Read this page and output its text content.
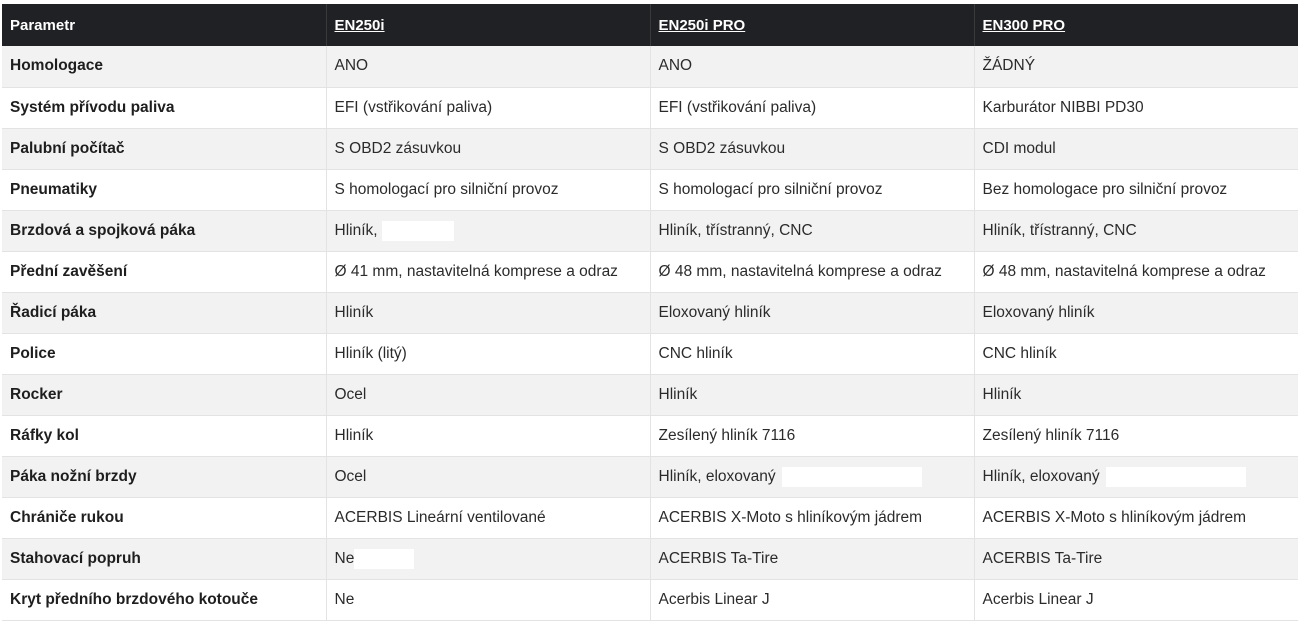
Parametr	EN250i	EN250i PRO	EN300 PRO
Homologace	ANO	ANO	ŽÁDNÝ
Systém přívodu paliva	EFI (vstřikování paliva)	EFI (vstřikování paliva)	Karburátor NIBBI PD30
Palubní počítač	S OBD2 zásuvkou	S OBD2 zásuvkou	CDI modul
Pneumatiky	S homologací pro silniční provoz	S homologací pro silniční provoz	Bez homologace pro silniční provoz
Brzdová a spojková páka	Hliník,	Hliník, třístranný, CNC	Hliník, třístranný, CNC
Přední zavěšení	Ø 41 mm, nastavitelná komprese a odraz	Ø 48 mm, nastavitelná komprese a odraz	Ø 48 mm, nastavitelná komprese a odraz
Řadicí páka	Hliník	Eloxovaný hliník	Eloxovaný hliník
Police	Hliník (litý)	CNC hliník	CNC hliník
Rocker	Ocel	Hliník	Hliník
Ráfky kol	Hliník	Zesílený hliník 7116	Zesílený hliník 7116
Páka nožní brzdy	Ocel	Hliník, eloxovaný	Hliník, eloxovaný
Chrániče rukou	ACERBIS Lineární ventilované	ACERBIS X-Moto s hliníkovým jádrem	ACERBIS X-Moto s hliníkovým jádrem
Stahovací popruh	Ne	ACERBIS Ta-Tire	ACERBIS Ta-Tire
Kryt předního brzdového kotouče	Ne	Acerbis Linear J	Acerbis Linear J
